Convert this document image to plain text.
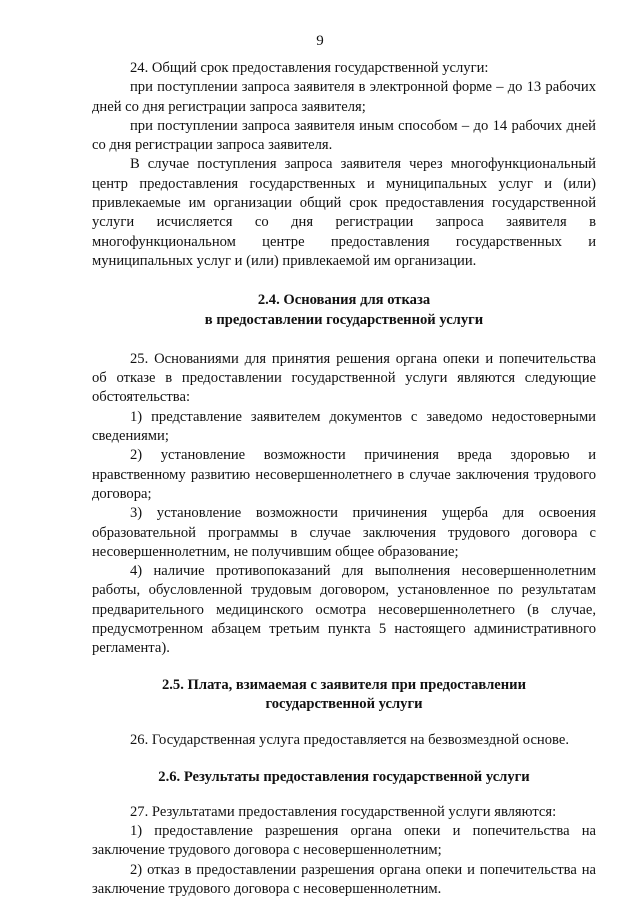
9

24. Общий срок предоставления государственной услуги:

при поступлении запроса заявителя в электронной форме – до 13 рабочих дней со дня регистрации запроса заявителя;

при поступлении запроса заявителя иным способом – до 14 рабочих дней со дня регистрации запроса заявителя.

В случае поступления запроса заявителя через многофункциональный центр предоставления государственных и муниципальных услуг и (или) привлекаемые им организации общий срок предоставления государственной услуги исчисляется со дня регистрации запроса заявителя в многофункциональном центре предоставления государственных и муниципальных услуг и (или) привлекаемой им организации.

2.4. Основания для отказа
в предоставлении государственной услуги

25. Основаниями для принятия решения органа опеки и попечительства об отказе в предоставлении государственной услуги являются следующие обстоятельства:

1) представление заявителем документов с заведомо недостоверными сведениями;

2) установление возможности причинения вреда здоровью и нравственному развитию несовершеннолетнего в случае заключения трудового договора;

3) установление возможности причинения ущерба для освоения образовательной программы в случае заключения трудового договора с несовершеннолетним, не получившим общее образование;

4) наличие противопоказаний для выполнения несовершеннолетним работы, обусловленной трудовым договором, установленное по результатам предварительного медицинского осмотра несовершеннолетнего (в случае, предусмотренном абзацем третьим пункта 5 настоящего административного регламента).

2.5. Плата, взимаемая с заявителя при предоставлении
государственной услуги

26. Государственная услуга предоставляется на безвозмездной основе.

2.6. Результаты предоставления государственной услуги

27. Результатами предоставления государственной услуги являются:

1) предоставление разрешения органа опеки и попечительства на заключение трудового договора с несовершеннолетним;

2) отказ в предоставлении разрешения органа опеки и попечительства на заключение трудового договора с несовершеннолетним.
